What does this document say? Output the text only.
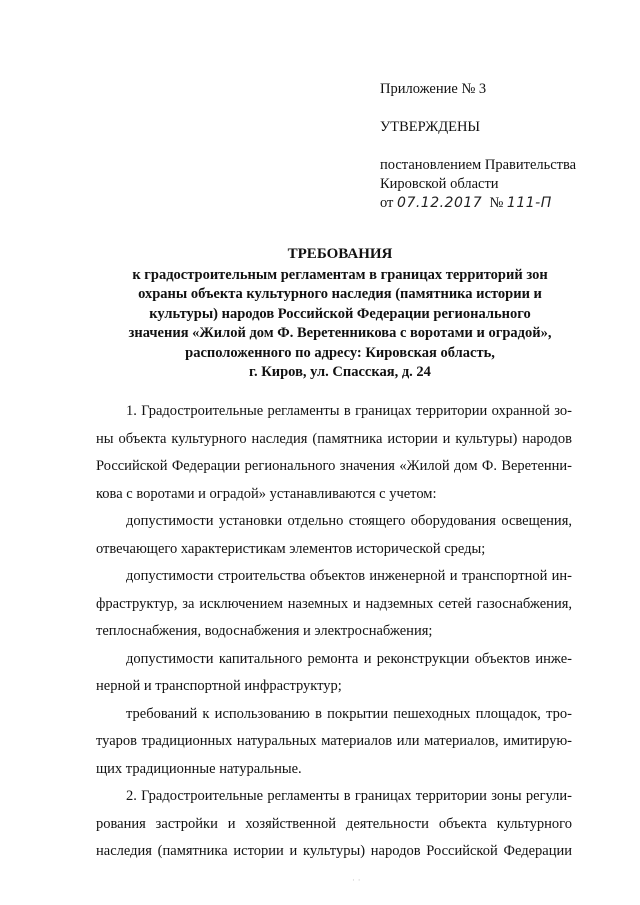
Приложение № 3
УТВЕРЖДЕНЫ
постановлением Правительства
Кировской области
от 07.12.2017 № 111-П
ТРЕБОВАНИЯ
к градостроительным регламентам в границах территорий зон
охраны объекта культурного наследия (памятника истории и
культуры) народов Российской Федерации регионального
значения «Жилой дом Ф. Веретенникова с воротами и оградой»,
расположенного по адресу: Кировская область,
г. Киров, ул. Спасская, д. 24
1. Градостроительные регламенты в границах территории охранной зо-
ны объекта культурного наследия (памятника истории и культуры) народов
Российской Федерации регионального значения «Жилой дом Ф. Веретенни-
кова с воротами и оградой» устанавливаются с учетом:
допустимости установки отдельно стоящего оборудования освещения,
отвечающего характеристикам элементов исторической среды;
допустимости строительства объектов инженерной и транспортной ин-
фраструктур, за исключением наземных и надземных сетей газоснабжения,
теплоснабжения, водоснабжения и электроснабжения;
допустимости капитального ремонта и реконструкции объектов инже-
нерной и транспортной инфраструктур;
требований к использованию в покрытии пешеходных площадок, тро-
туаров традиционных натуральных материалов или материалов, имитирую-
щих традиционные натуральные.
2. Градостроительные регламенты в границах территории зоны регули-
рования застройки и хозяйственной деятельности объекта культурного
наследия (памятника истории и культуры) народов Российской Федерации
· ·
